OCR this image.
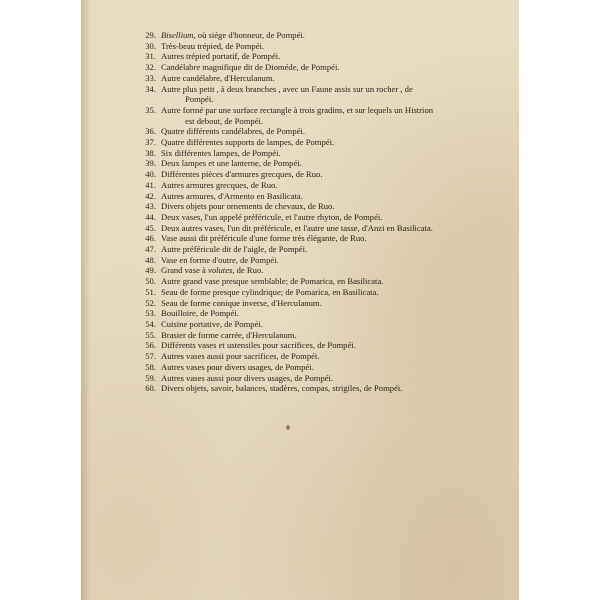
29. Bisellium, où siége d'honneur, de Pompéi.
30. Très-beau trépied, de Pompéi.
31. Autres trépied portatif, de Pompéi.
32. Candélabre magnifique dit de Dioméde, de Pompéi.
33. Autre candélabre, d'Herculanum.
34. Autre plus petit , à deux branches , avec un Faune assis sur un rocher , de
Pompéi.
35. Autre formé par une surface rectangle à trois gradins, et sur lequels un Histrion
est debout, de Pompéi.
36. Quatre différents candélabres, de Pompéi.
37. Quatre différentes supports de lampes, de Pompéi.
38. Six différentes lampes, de Pompéi.
39. Deux lampes et une lanterne, de Pompéi.
40. Différentes pièces d'armures grecques, de Ruo.
41. Autres armures grecques, de Ruo.
42. Autres armures, d'Armento en Basilicata.
43. Divers objets pour ornements de chevaux, de Ruo.
44. Deux vases, l'un appelé préféricule, et l'autre rhyton, de Pompéi.
45. Deux autres vases, l'un dit préféricule, et l'autre une tasse, d'Anzi en Basilicata.
46. Vase aussi dit préféricule d'une forme très élégante, de Ruo.
47. Autre préféricule dit de l'aigle, de Pompéi.
48. Vase en forme d'outre, de Pompéi.
49. Grand vase à volutes, de Ruo.
50. Autre grand vase presque semblable; de Pomarica, en Basilicata.
51. Seau de forme presque cylindrique; de Pomarica, en Basilicata.
52. Seau de forme conique inverse, d'Herculanum.
53. Bouilloire, de Pompéi.
54. Cuisine portative, de Pompéi.
55. Brasier de forme carrée, d'Herculanum.
56. Différents vases et ustensiles pour sacrifices, de Pompéi.
57. Autres vases aussi pour sacrifices, de Pompéi.
58. Autres vases pour divers usages, de Pompéi.
59. Autres vases aussi pour divers usages, de Pompéi.
60. Divers objets, savoir, balances, stadères, compas, strigiles, de Pompéi.
